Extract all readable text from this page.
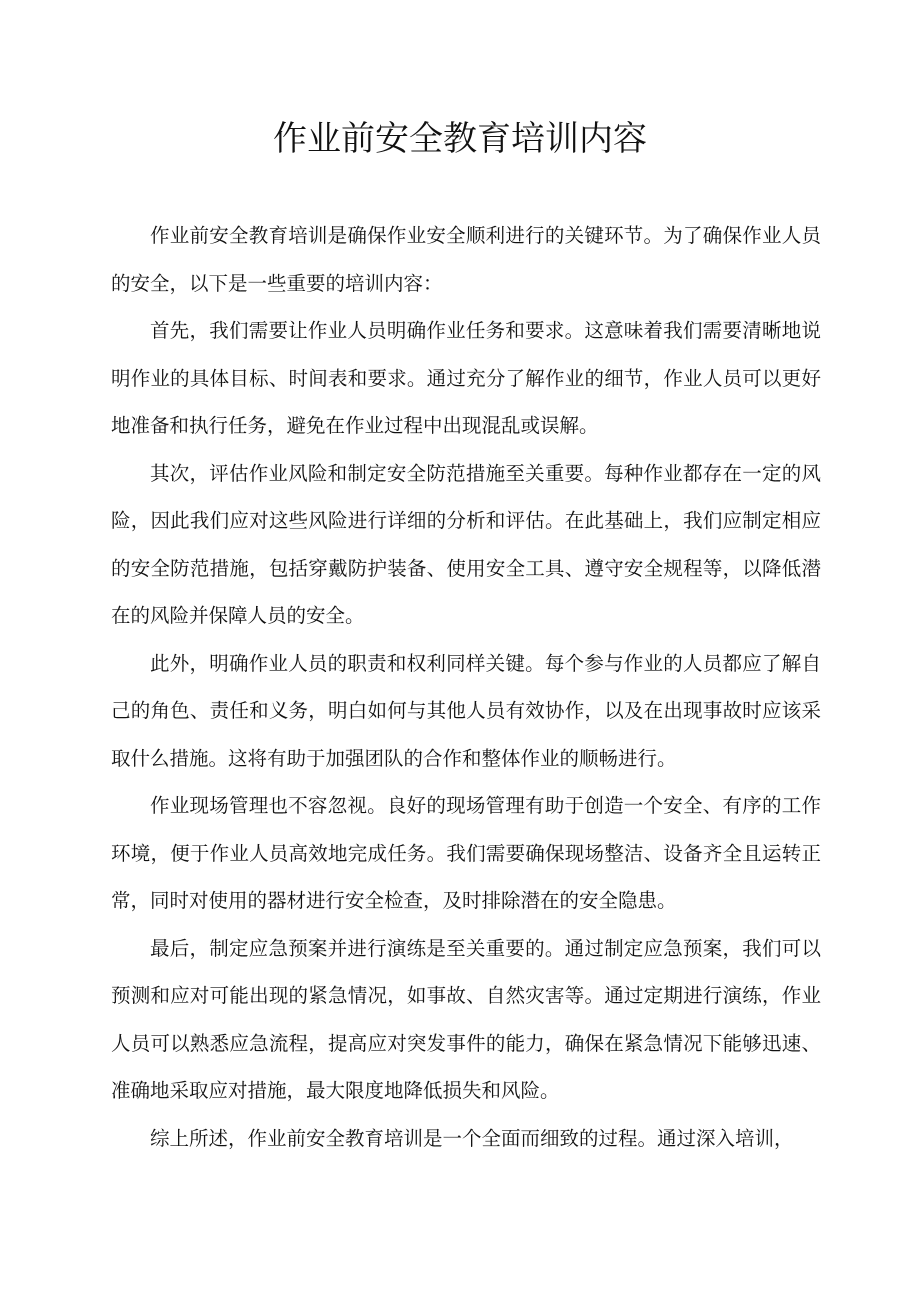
作业前安全教育培训内容

作业前安全教育培训是确保作业安全顺利进行的关键环节。为了确保作业人员的安全，以下是一些重要的培训内容：

首先，我们需要让作业人员明确作业任务和要求。这意味着我们需要清晰地说明作业的具体目标、时间表和要求。通过充分了解作业的细节，作业人员可以更好地准备和执行任务，避免在作业过程中出现混乱或误解。

其次，评估作业风险和制定安全防范措施至关重要。每种作业都存在一定的风险，因此我们应对这些风险进行详细的分析和评估。在此基础上，我们应制定相应的安全防范措施，包括穿戴防护装备、使用安全工具、遵守安全规程等，以降低潜在的风险并保障人员的安全。

此外，明确作业人员的职责和权利同样关键。每个参与作业的人员都应了解自己的角色、责任和义务，明白如何与其他人员有效协作，以及在出现事故时应该采取什么措施。这将有助于加强团队的合作和整体作业的顺畅进行。

作业现场管理也不容忽视。良好的现场管理有助于创造一个安全、有序的工作环境，便于作业人员高效地完成任务。我们需要确保现场整洁、设备齐全且运转正常，同时对使用的器材进行安全检查，及时排除潜在的安全隐患。

最后，制定应急预案并进行演练是至关重要的。通过制定应急预案，我们可以预测和应对可能出现的紧急情况，如事故、自然灾害等。通过定期进行演练，作业人员可以熟悉应急流程，提高应对突发事件的能力，确保在紧急情况下能够迅速、准确地采取应对措施，最大限度地降低损失和风险。

综上所述，作业前安全教育培训是一个全面而细致的过程。通过深入培训，
